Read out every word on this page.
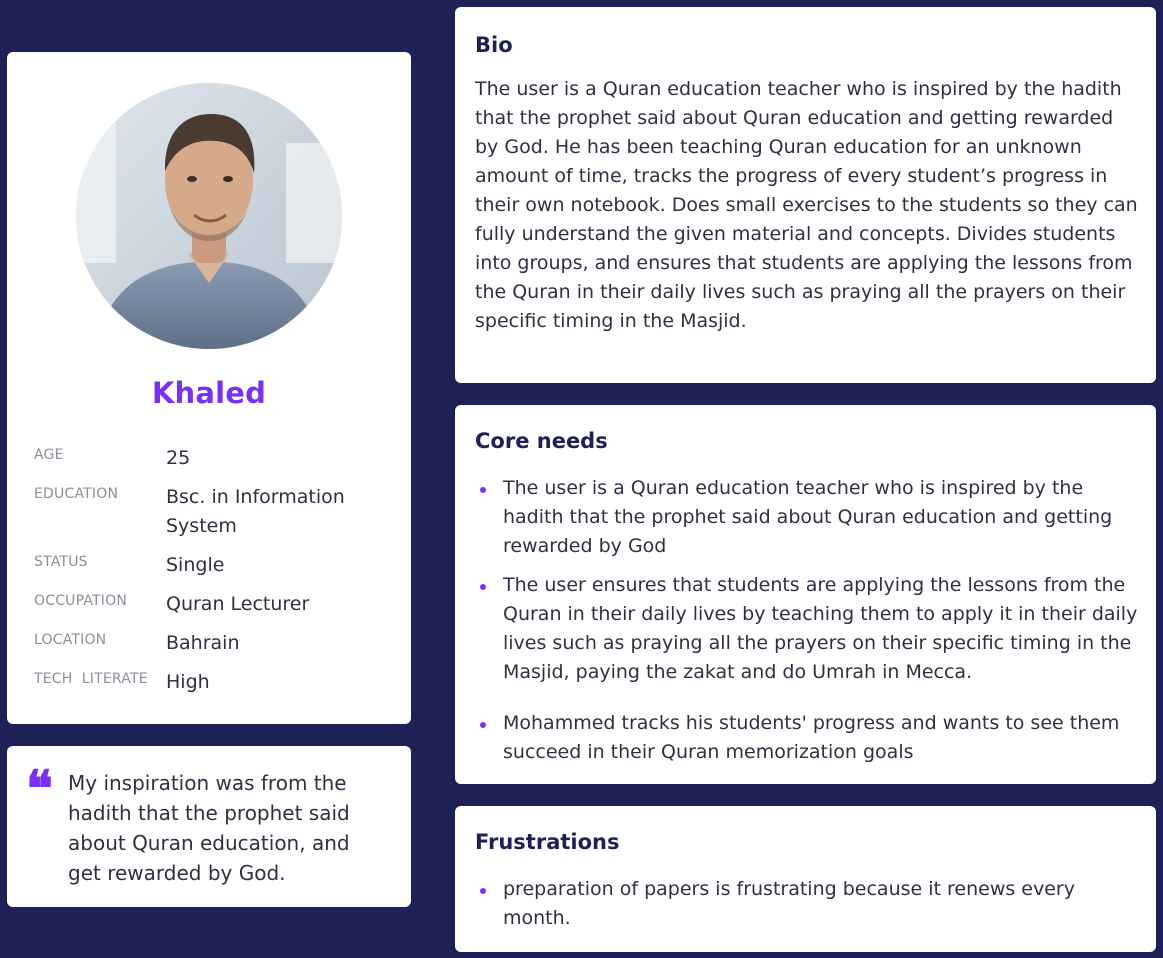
Khaled
AGE	25
EDUCATION	Bsc. in Information System
STATUS	Single
OCCUPATION Quran Lecturer
LOCATION	Bahrain
TECH  LITERATE High
❝ My inspiration was from the hadith that the prophet said about Quran education, and get rewarded by God.
Bio
The user is a Quran education teacher who is inspired by the hadith that the prophet said about Quran education and getting rewarded by God. He has been teaching Quran education for an unknown amount of time, tracks the progress of every student’s progress in their own notebook. Does small exercises to the students so they can fully understand the given material and concepts. Divides students into groups, and ensures that students are applying the lessons from the Quran in their daily lives such as praying all the prayers on their specific timing in the Masjid.
Core needs
The user is a Quran education teacher who is inspired by the hadith that the prophet said about Quran education and getting rewarded by God
The user ensures that students are applying the lessons from the Quran in their daily lives by teaching them to apply it in their daily lives such as praying all the prayers on their specific timing in the Masjid, paying the zakat and do Umrah in Mecca.
Mohammed tracks his students' progress and wants to see them succeed in their Quran memorization goals
Frustrations
preparation of papers is frustrating because it renews every month.
